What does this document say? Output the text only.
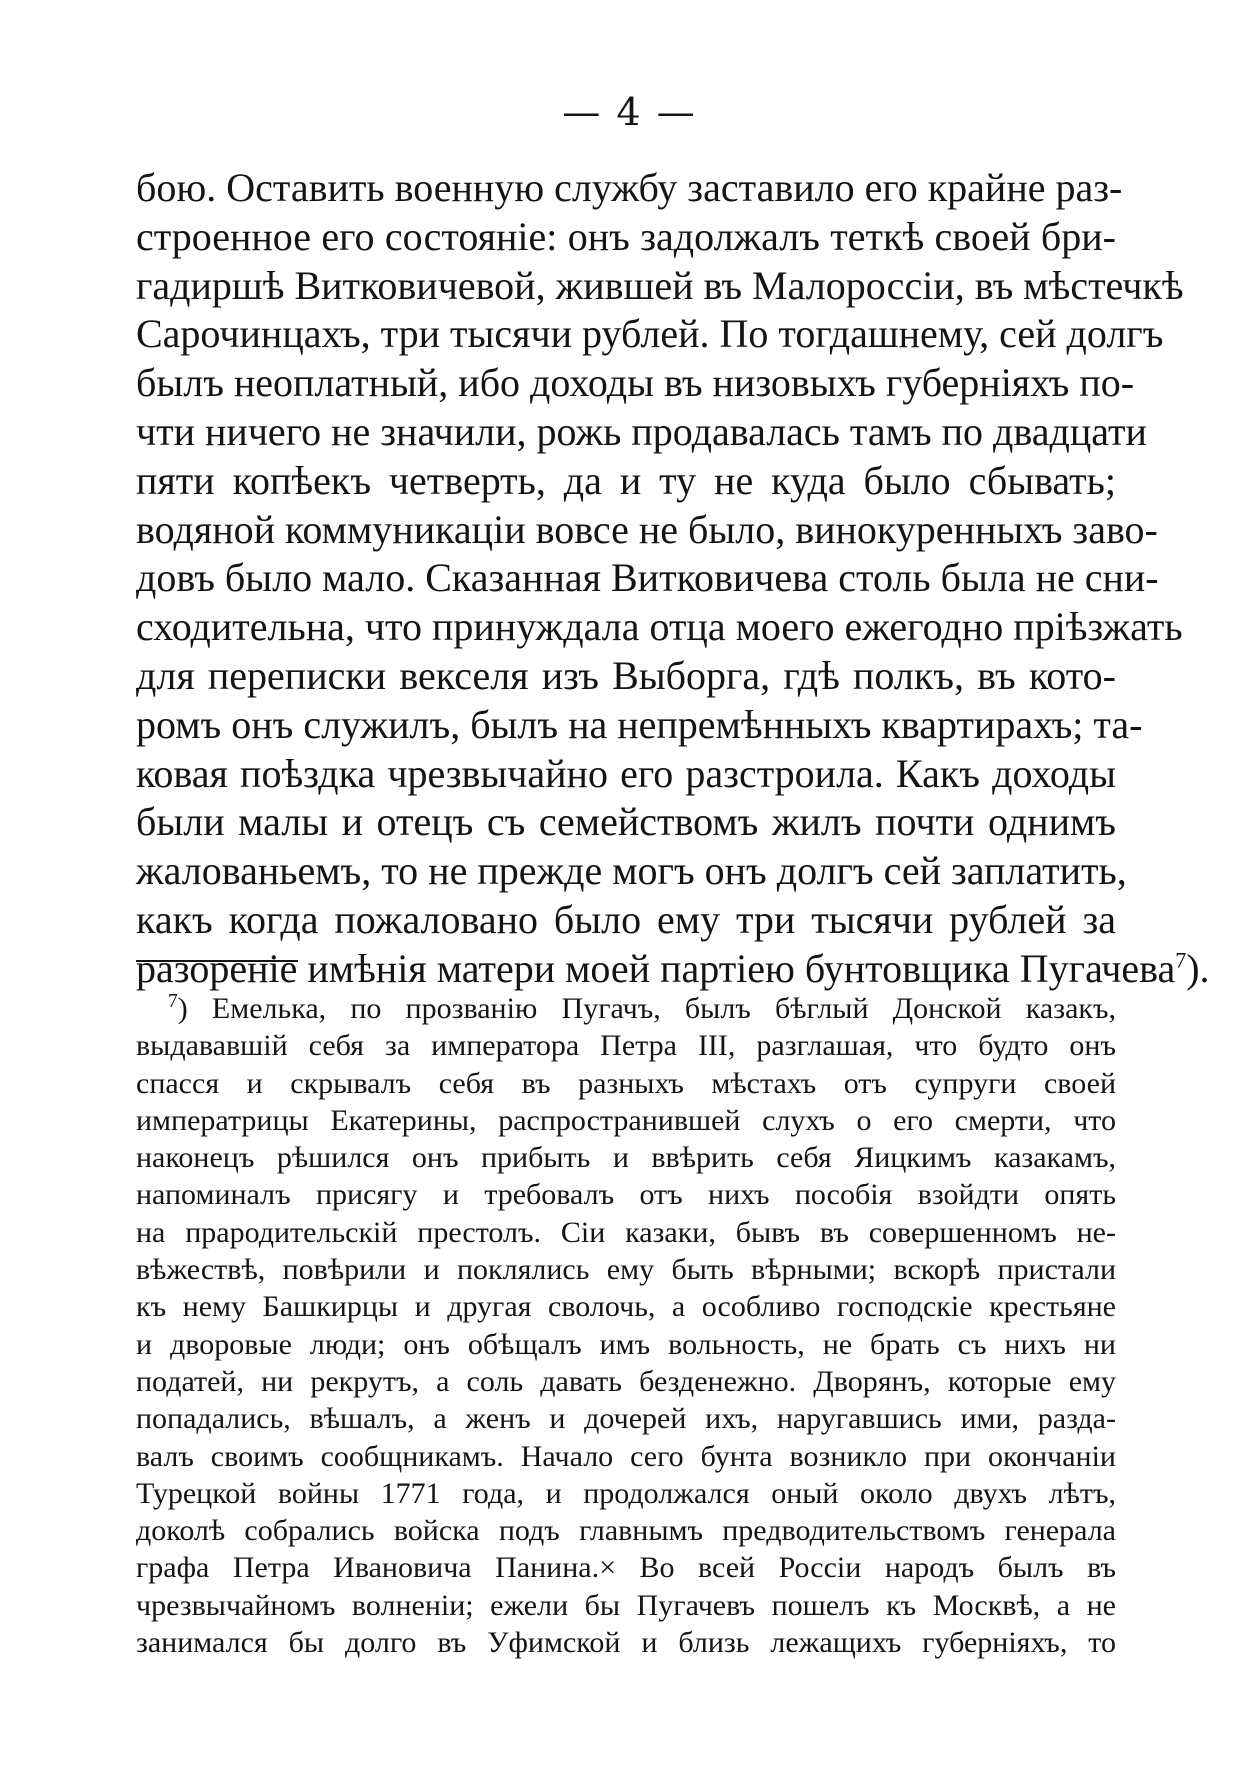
— 4 —
бою. Оставить военную службу заставило его крайне раз-
строенное его состоянiе: онъ задолжалъ теткѣ своей бри-
гадиршѣ Витковичевой, жившей въ Малороссiи, въ мѣстечкѣ
Сарочинцахъ, три тысячи рублей. По тогдашнему, сей долгъ
былъ неоплатный, ибо доходы въ низовыхъ губернiяхъ по-
чти ничего не значили, рожь продавалась тамъ по двадцати
пяти копѣекъ четверть, да и ту не куда было сбывать;
водяной коммуникацiи вовсе не было, винокуренныхъ заво-
довъ было мало. Сказанная Витковичева столь была не сни-
сходительна, что принуждала отца моего ежегодно прiѣзжать
для переписки векселя изъ Выборга, гдѣ полкъ, въ кото-
ромъ онъ служилъ, былъ на непремѣнныхъ квартирахъ; та-
ковая поѣздка чрезвычайно его разстроила. Какъ доходы
были малы и отецъ съ семействомъ жилъ почти однимъ
жалованьемъ, то не прежде могъ онъ долгъ сей заплатить,
какъ когда пожаловано было ему три тысячи рублей за
разоренiе имѣнiя матери моей партiею бунтовщика Пугачева$^7$).
$^7$) Емелька, по прозванiю Пугачъ, былъ бѣглый Донской казакъ,
выдававшiй себя за императора Петра III, разглашая, что будто онъ
спасся и скрывалъ себя въ разныхъ мѣстахъ отъ супруги своей
императрицы Екатерины, распространившей слухъ о его смерти, что
наконецъ рѣшился онъ прибыть и ввѣрить себя Яицкимъ казакамъ,
напоминалъ присягу и требовалъ отъ нихъ пособiя взойдти опять
на прародительскiй престолъ. Сiи казаки, бывъ въ совершенномъ не-
вѣжествѣ, повѣрили и поклялись ему быть вѣрными; вскорѣ пристали
къ нему Башкирцы и другая сволочь, а особливо господскiе крестьяне
и дворовые люди; онъ обѣщалъ имъ вольность, не брать съ нихъ ни
податей, ни рекрутъ, а соль давать безденежно. Дворянъ, которые ему
попадались, вѣшалъ, а женъ и дочерей ихъ, наругавшись ими, разда-
валъ своимъ сообщникамъ. Начало сего бунта возникло при окончанiи
Турецкой войны 1771 года, и продолжался оный около двухъ лѣтъ,
доколѣ собрались войска подъ главнымъ предводительствомъ генерала
графа Петра Ивановича Панина.× Во всей Россiи народъ былъ въ
чрезвычайномъ волненiи; ежели бы Пугачевъ пошелъ къ Москвѣ, а не
занимался бы долго въ Уфимской и близь лежащихъ губернiяхъ, то
